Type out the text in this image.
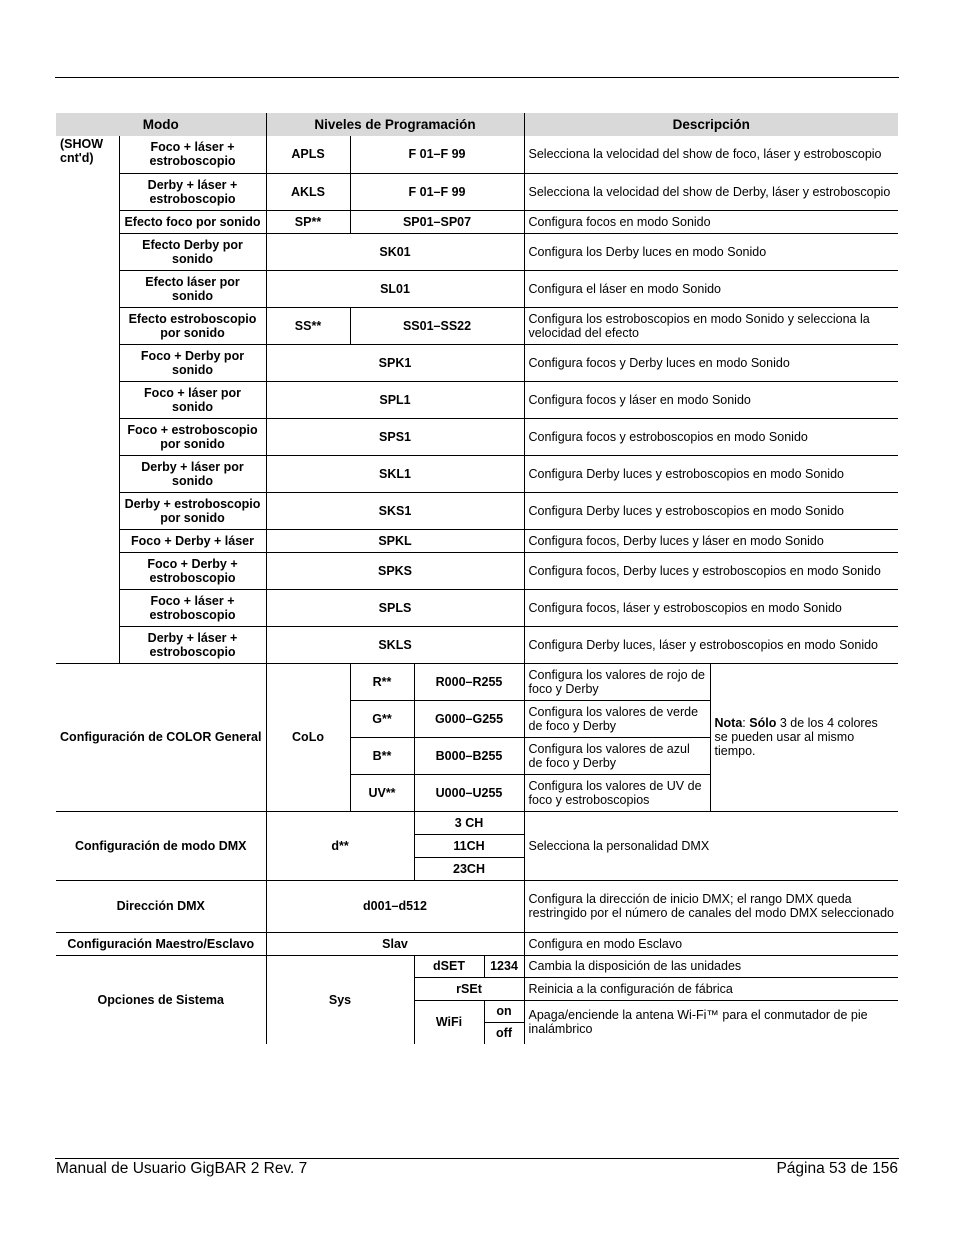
Modo		Niveles de Programación				Descripción	
(SHOW cnt'd)	Foco + láser + estroboscopio	APLS	F 01–F 99			Selecciona la velocidad del show de foco, láser y estroboscopio	
	Derby + láser + estroboscopio	AKLS	F 01–F 99			Selecciona la velocidad del show de Derby, láser y estroboscopio	
	Efecto foco por sonido	SP**	SP01–SP07			Configura focos en modo Sonido	
	Efecto Derby por sonido	SK01				Configura los Derby luces en modo Sonido	
	Efecto láser por sonido	SL01				Configura el láser en modo Sonido	
	Efecto estroboscopio por sonido	SS**	SS01–SS22			Configura los estroboscopios en modo Sonido y selecciona la velocidad del efecto	
	Foco + Derby por sonido	SPK1				Configura focos y Derby luces en modo Sonido	
	Foco + láser por sonido	SPL1				Configura focos y láser en modo Sonido	
	Foco + estroboscopio por sonido	SPS1				Configura focos y estroboscopios en modo Sonido	
	Derby + láser por sonido	SKL1				Configura Derby luces y estroboscopios en modo Sonido	
	Derby + estroboscopio por sonido	SKS1				Configura Derby luces y estroboscopios en modo Sonido	
	Foco + Derby + láser	SPKL				Configura focos, Derby luces y láser en modo Sonido	
	Foco + Derby + estroboscopio	SPKS				Configura focos, Derby luces y estroboscopios en modo Sonido	
	Foco + láser + estroboscopio	SPLS				Configura focos, láser y estroboscopios en modo Sonido	
	Derby + láser + estroboscopio	SKLS				Configura Derby luces, láser y estroboscopios en modo Sonido	
Configuración de COLOR General		CoLo	R**	R000–R255		Configura los valores de rojo de foco y Derby	Nota: Sólo 3 de los 4 colores se pueden usar al mismo tiempo.
			G**	G000–G255		Configura los valores de verde de foco y Derby	
			B**	B000–B255		Configura los valores de azul de foco y Derby	
			UV**	U000–U255		Configura los valores de UV de foco y estroboscopios	
Configuración de modo DMX		d**		3 CH		Selecciona la personalidad DMX	
				11CH			
				23CH			
Dirección DMX		d001–d512				Configura la dirección de inicio DMX; el rango DMX queda restringido por el número de canales del modo DMX seleccionado	
Configuración Maestro/Esclavo		Slav				Configura en modo Esclavo	
Opciones de Sistema		Sys		dSET	1234	Cambia la disposición de las unidades	
				rSEt		Reinicia a la configuración de fábrica	
				WiFi	on	Apaga/enciende la antena Wi-Fi™ para el conmutador de pie inalámbrico	
					off		
Manual de Usuario GigBAR 2 Rev. 7	Página 53 de 156
